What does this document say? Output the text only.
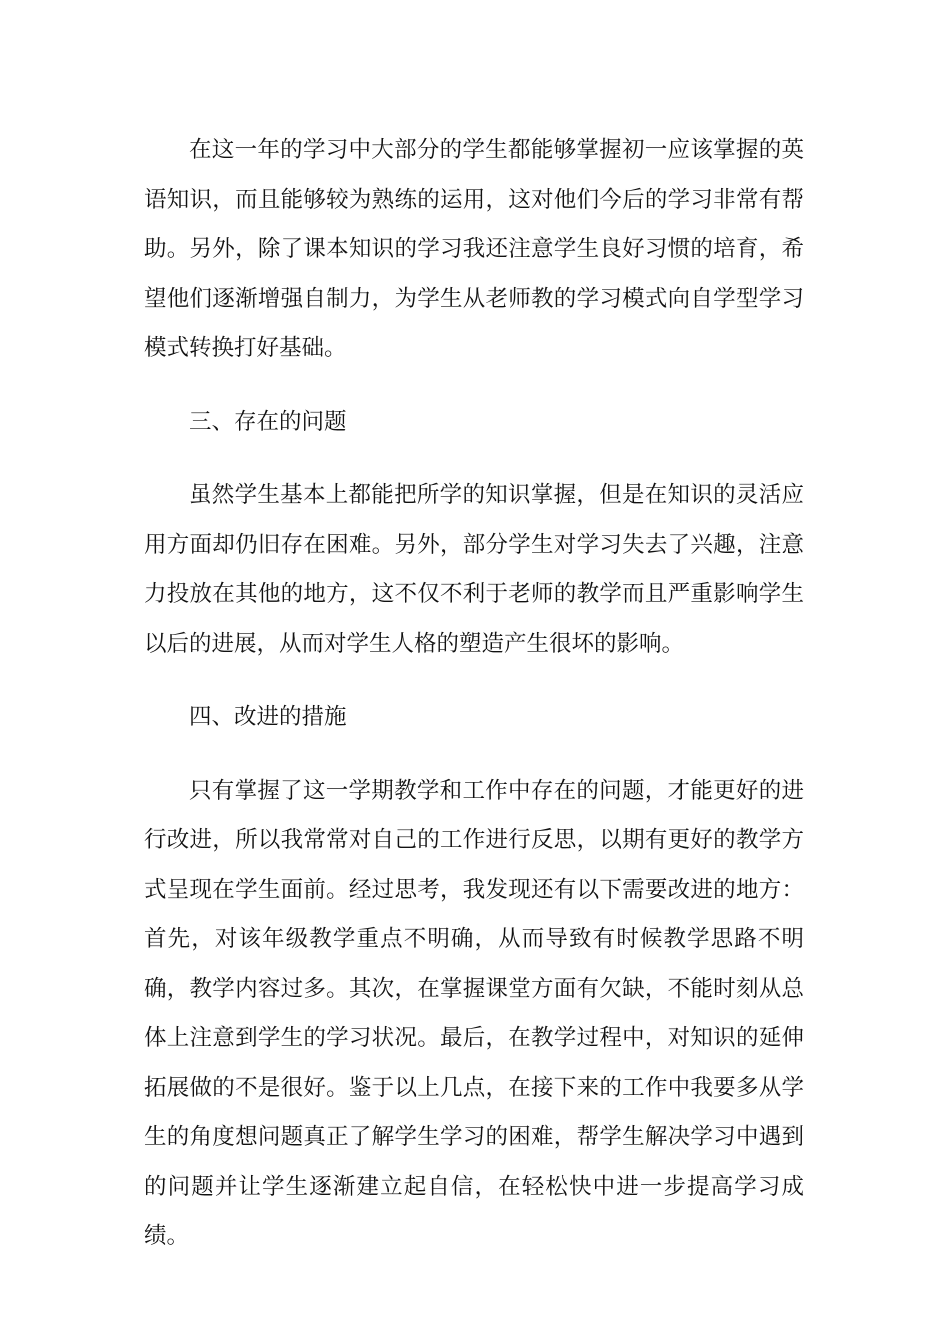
在这一年的学习中大部分的学生都能够掌握初一应该掌握的英语知识，而且能够较为熟练的运用，这对他们今后的学习非常有帮助。另外，除了课本知识的学习我还注意学生良好习惯的培育，希望他们逐渐增强自制力，为学生从老师教的学习模式向自学型学习模式转换打好基础。

三、存在的问题

虽然学生基本上都能把所学的知识掌握，但是在知识的灵活应用方面却仍旧存在困难。另外，部分学生对学习失去了兴趣，注意力投放在其他的地方，这不仅不利于老师的教学而且严重影响学生以后的进展，从而对学生人格的塑造产生很坏的影响。

四、改进的措施

只有掌握了这一学期教学和工作中存在的问题，才能更好的进行改进，所以我常常对自己的工作进行反思，以期有更好的教学方式呈现在学生面前。经过思考，我发现还有以下需要改进的地方：首先，对该年级教学重点不明确，从而导致有时候教学思路不明确，教学内容过多。其次，在掌握课堂方面有欠缺，不能时刻从总体上注意到学生的学习状况。最后，在教学过程中，对知识的延伸拓展做的不是很好。鉴于以上几点，在接下来的工作中我要多从学生的角度想问题真正了解学生学习的困难，帮学生解决学习中遇到的问题并让学生逐渐建立起自信，在轻松快中进一步提高学习成绩。
